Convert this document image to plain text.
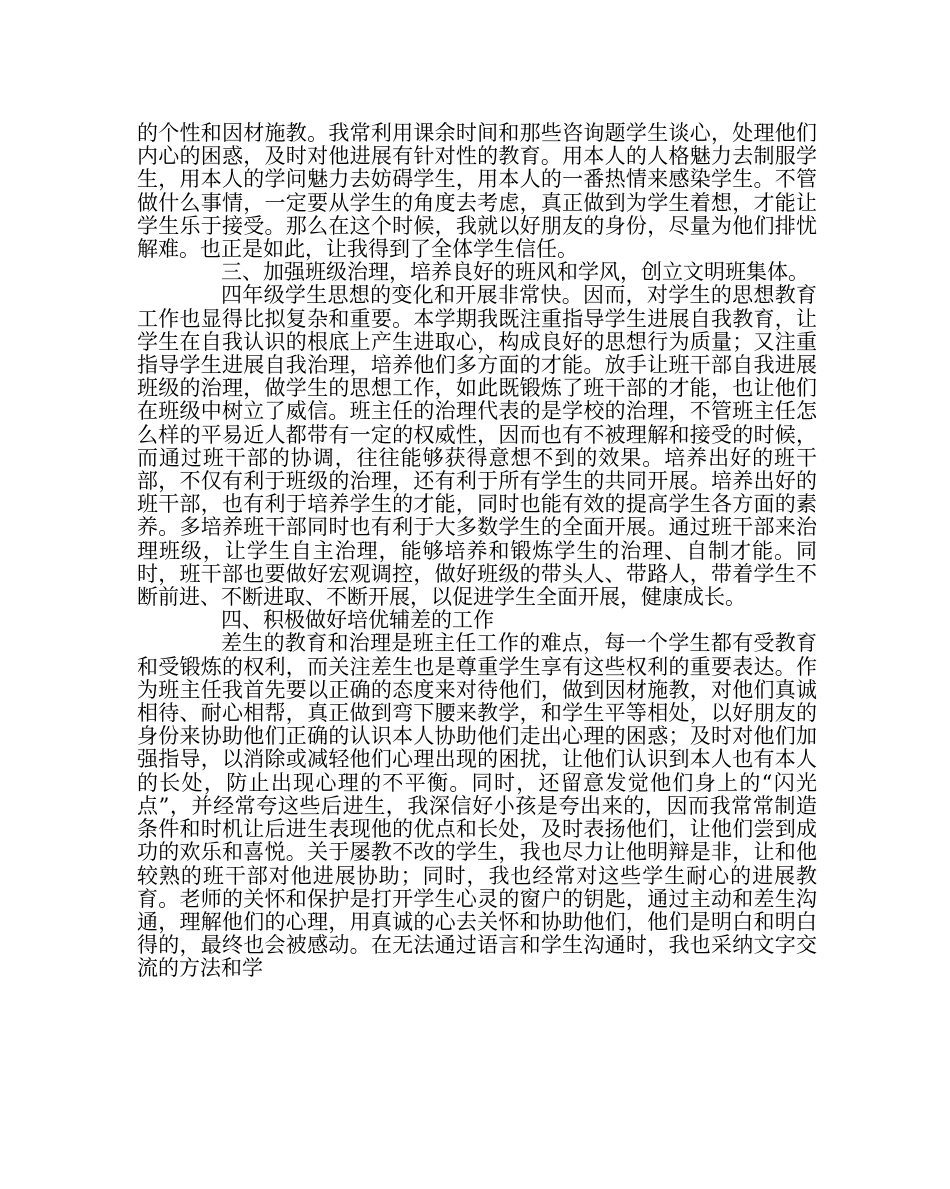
的个性和因材施教。我常利用课余时间和那些咨询题学生谈心，处理他们内心的困惑，及时对他进展有针对性的教育。用本人的人格魅力去制服学生，用本人的学问魅力去妨碍学生，用本人的一番热情来感染学生。不管做什么事情，一定要从学生的角度去考虑，真正做到为学生着想，才能让学生乐于接受。那么在这个时候，我就以好朋友的身份，尽量为他们排忧解难。也正是如此，让我得到了全体学生信任。

三、加强班级治理，培养良好的班风和学风，创立文明班集体。

四年级学生思想的变化和开展非常快。因而，对学生的思想教育工作也显得比拟复杂和重要。本学期我既注重指导学生进展自我教育，让学生在自我认识的根底上产生进取心，构成良好的思想行为质量；又注重指导学生进展自我治理，培养他们多方面的才能。放手让班干部自我进展班级的治理，做学生的思想工作，如此既锻炼了班干部的才能，也让他们在班级中树立了威信。班主任的治理代表的是学校的治理，不管班主任怎么样的平易近人都带有一定的权威性，因而也有不被理解和接受的时候，而通过班干部的协调，往往能够获得意想不到的效果。培养出好的班干部，不仅有利于班级的治理，还有利于所有学生的共同开展。培养出好的班干部，也有利于培养学生的才能，同时也能有效的提高学生各方面的素养。多培养班干部同时也有利于大多数学生的全面开展。通过班干部来治理班级，让学生自主治理，能够培养和锻炼学生的治理、自制才能。同时，班干部也要做好宏观调控，做好班级的带头人、带路人，带着学生不断前进、不断进取、不断开展，以促进学生全面开展，健康成长。

四、积极做好培优辅差的工作

差生的教育和治理是班主任工作的难点，每一个学生都有受教育和受锻炼的权利，而关注差生也是尊重学生享有这些权利的重要表达。作为班主任我首先要以正确的态度来对待他们，做到因材施教，对他们真诚相待、耐心相帮，真正做到弯下腰来教学，和学生平等相处，以好朋友的身份来协助他们正确的认识本人协助他们走出心理的困惑；及时对他们加强指导，以消除或减轻他们心理出现的困扰，让他们认识到本人也有本人的长处，防止出现心理的不平衡。同时，还留意发觉他们身上的“闪光点”，并经常夸这些后进生，我深信好小孩是夸出来的，因而我常常制造条件和时机让后进生表现他的优点和长处，及时表扬他们，让他们尝到成功的欢乐和喜悦。关于屡教不改的学生，我也尽力让他明辩是非，让和他较熟的班干部对他进展协助；同时，我也经常对这些学生耐心的进展教育。老师的关怀和保护是打开学生心灵的窗户的钥匙，通过主动和差生沟通，理解他们的心理，用真诚的心去关怀和协助他们，他们是明白和明白得的，最终也会被感动。在无法通过语言和学生沟通时，我也采纳文字交流的方法和学
